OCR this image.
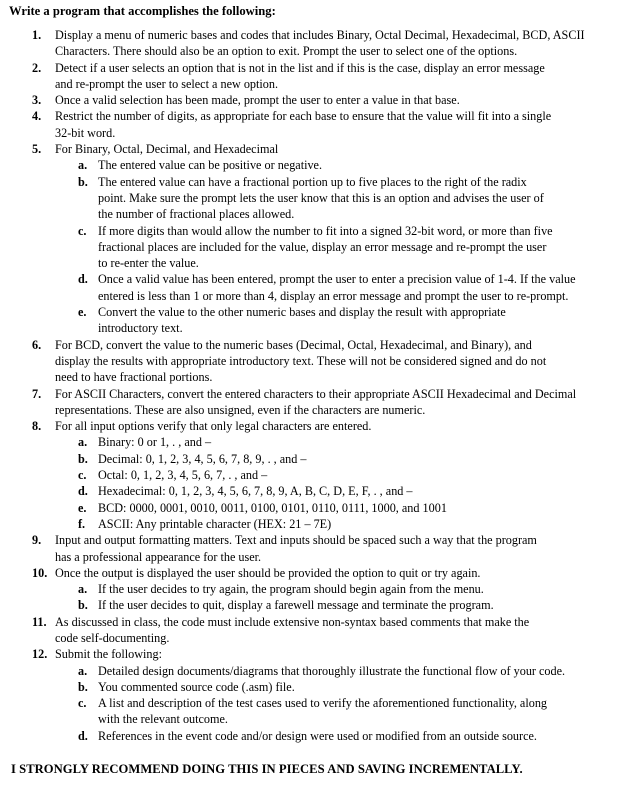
Write a program that accomplishes the following:
1.	Display a menu of numeric bases and codes that includes Binary, Octal Decimal, Hexadecimal, BCD, ASCII
Characters. There should also be an option to exit. Prompt the user to select one of the options.
2.	Detect if a user selects an option that is not in the list and if this is the case, display an error message
and re-prompt the user to select a new option.
3.	Once a valid selection has been made, prompt the user to enter a value in that base.
4.	Restrict the number of digits, as appropriate for each base to ensure that the value will fit into a single
32-bit word.
5.	For Binary, Octal, Decimal, and Hexadecimal
a. The entered value can be positive or negative.
b. The entered value can have a fractional portion up to five places to the right of the radix
point. Make sure the prompt lets the user know that this is an option and advises the user of
the number of fractional places allowed.
c. If more digits than would allow the number to fit into a signed 32-bit word, or more than five
fractional places are included for the value, display an error message and re-prompt the user
to re-enter the value.
d. Once a valid value has been entered, prompt the user to enter a precision value of 1-4. If the value
entered is less than 1 or more than 4, display an error message and prompt the user to re-prompt.
e. Convert the value to the other numeric bases and display the result with appropriate
introductory text.
6.	For BCD, convert the value to the numeric bases (Decimal, Octal, Hexadecimal, and Binary), and
display the results with appropriate introductory text. These will not be considered signed and do not
need to have fractional portions.
7.	For ASCII Characters, convert the entered characters to their appropriate ASCII Hexadecimal and Decimal
representations. These are also unsigned, even if the characters are numeric.
8.	For all input options verify that only legal characters are entered.
a. Binary: 0 or 1, . , and –
b. Decimal: 0, 1, 2, 3, 4, 5, 6, 7, 8, 9, . , and –
c. Octal: 0, 1, 2, 3, 4, 5, 6, 7, . , and –
d. Hexadecimal: 0, 1, 2, 3, 4, 5, 6, 7, 8, 9, A, B, C, D, E, F, . , and –
e. BCD: 0000, 0001, 0010, 0011, 0100, 0101, 0110, 0111, 1000, and 1001
f. ASCII: Any printable character (HEX: 21 – 7E)
9.	Input and output formatting matters. Text and inputs should be spaced such a way that the program
has a professional appearance for the user.
10. Once the output is displayed the user should be provided the option to quit or try again.
a. If the user decides to try again, the program should begin again from the menu.
b. If the user decides to quit, display a farewell message and terminate the program.
11. As discussed in class, the code must include extensive non-syntax based comments that make the
code self-documenting.
12. Submit the following:
a. Detailed design documents/diagrams that thoroughly illustrate the functional flow of your code.
b. You commented source code (.asm) file.
c. A list and description of the test cases used to verify the aforementioned functionality, along
with the relevant outcome.
d. References in the event code and/or design were used or modified from an outside source.
I STRONGLY RECOMMEND DOING THIS IN PIECES AND SAVING INCREMENTALLY.
